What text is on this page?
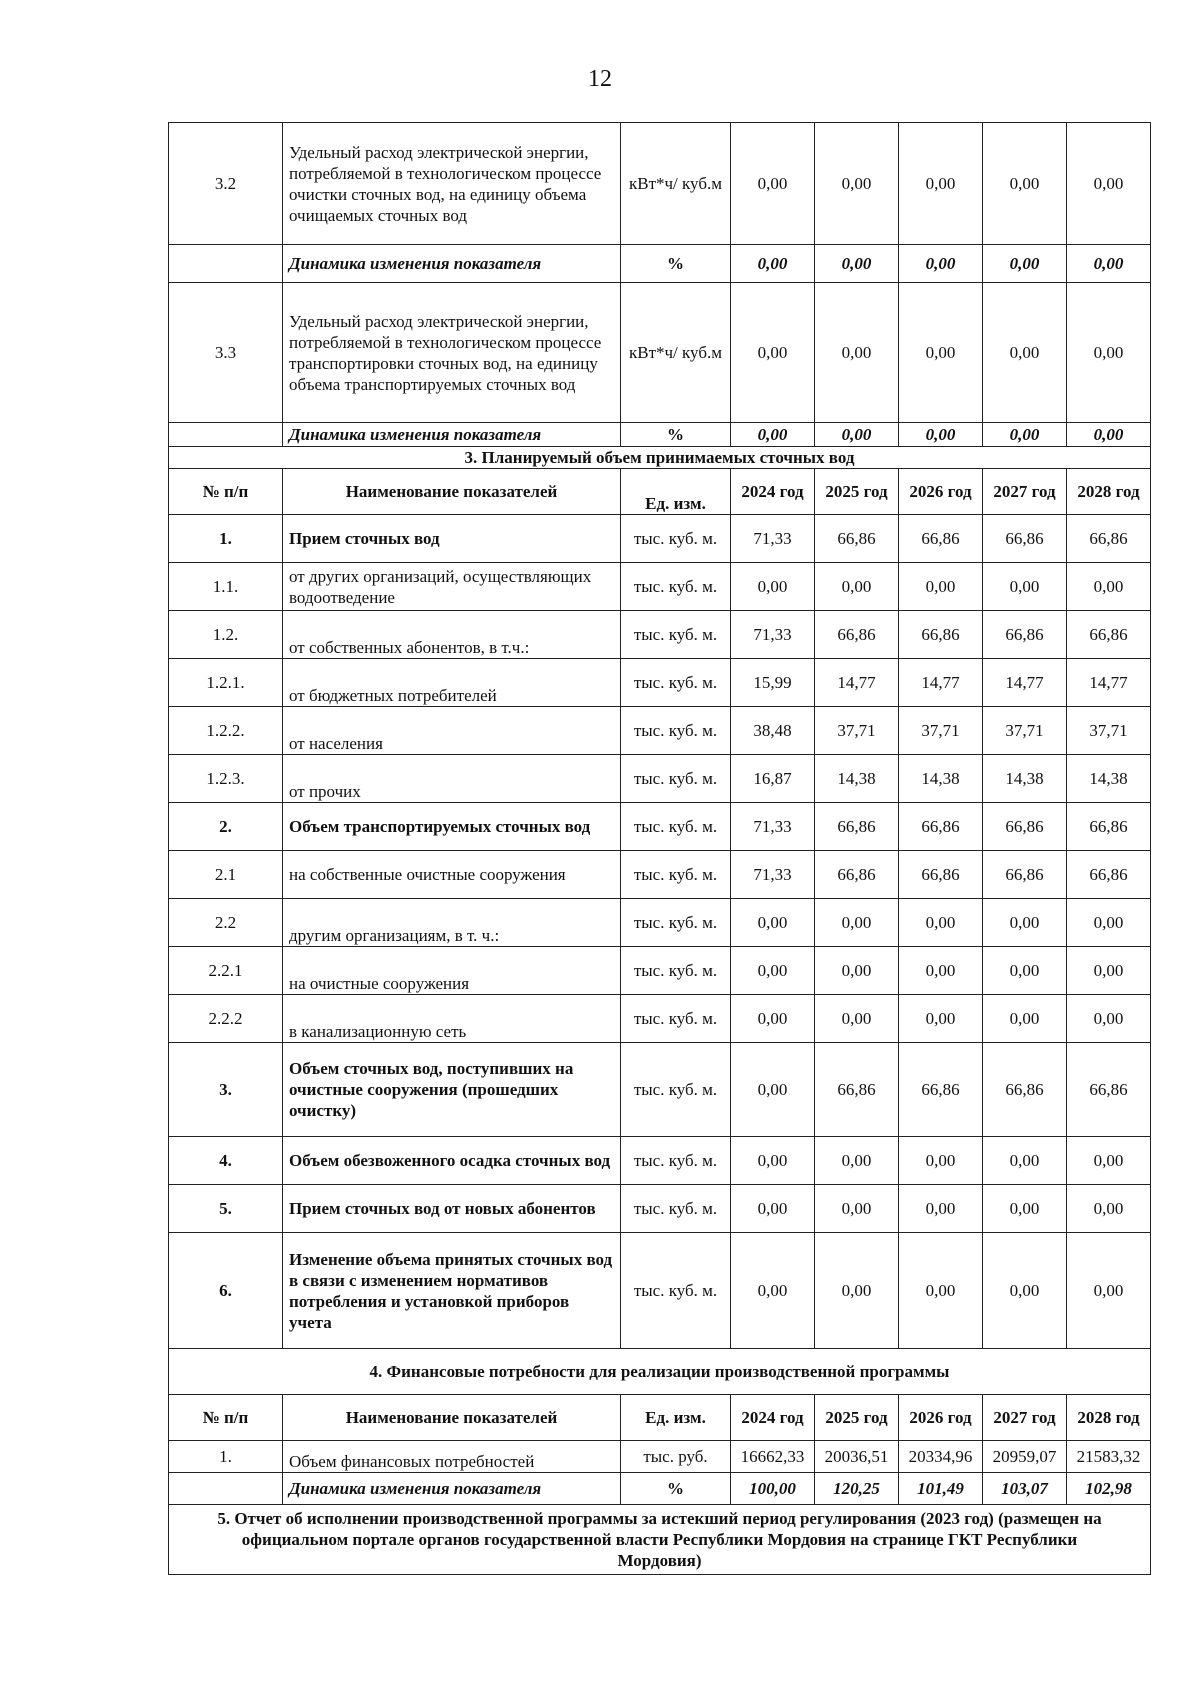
12
3.2	Удельный расход электрической энергии, потребляемой в технологическом процессе очистки сточных вод, на единицу объема очищаемых сточных вод	кВт*ч/ куб.м	0,00	0,00	0,00	0,00	0,00
	Динамика изменения показателя	%	0,00	0,00	0,00	0,00	0,00
3.3	Удельный расход электрической энергии, потребляемой в технологическом процессе транспортировки сточных вод, на единицу объема транспортируемых сточных вод	кВт*ч/ куб.м	0,00	0,00	0,00	0,00	0,00
	Динамика изменения показателя	%	0,00	0,00	0,00	0,00	0,00
3. Планируемый объем принимаемых сточных вод							
№ п/п	Наименование показателей	Ед. изм.	2024 год	2025 год	2026 год	2027 год	2028 год
1.	Прием сточных вод	тыс. куб. м.	71,33	66,86	66,86	66,86	66,86
1.1.	от других организаций, осуществляющих водоотведение	тыс. куб. м.	0,00	0,00	0,00	0,00	0,00
1.2.	от собственных абонентов, в т.ч.:	тыс. куб. м.	71,33	66,86	66,86	66,86	66,86
1.2.1.	от бюджетных потребителей	тыс. куб. м.	15,99	14,77	14,77	14,77	14,77
1.2.2.	от населения	тыс. куб. м.	38,48	37,71	37,71	37,71	37,71
1.2.3.	от прочих	тыс. куб. м.	16,87	14,38	14,38	14,38	14,38
2.	Объем транспортируемых сточных вод	тыс. куб. м.	71,33	66,86	66,86	66,86	66,86
2.1	на собственные очистные сооружения	тыс. куб. м.	71,33	66,86	66,86	66,86	66,86
2.2	другим организациям, в т. ч.:	тыс. куб. м.	0,00	0,00	0,00	0,00	0,00
2.2.1	на очистные сооружения	тыс. куб. м.	0,00	0,00	0,00	0,00	0,00
2.2.2	в канализационную сеть	тыс. куб. м.	0,00	0,00	0,00	0,00	0,00
3.	Объем сточных вод, поступивших на очистные сооружения (прошедших очистку)	тыс. куб. м.	0,00	66,86	66,86	66,86	66,86
4.	Объем обезвоженного осадка сточных вод	тыс. куб. м.	0,00	0,00	0,00	0,00	0,00
5.	Прием сточных вод от новых абонентов	тыс. куб. м.	0,00	0,00	0,00	0,00	0,00
6.	Изменение объема принятых сточных вод в связи с изменением нормативов потребления и установкой приборов учета	тыс. куб. м.	0,00	0,00	0,00	0,00	0,00
4. Финансовые потребности для реализации производственной программы							
№ п/п	Наименование показателей	Ед. изм.	2024 год	2025 год	2026 год	2027 год	2028 год
1.	Объем финансовых потребностей	тыс. руб.	16662,33	20036,51	20334,96	20959,07	21583,32
	Динамика изменения показателя	%	100,00	120,25	101,49	103,07	102,98
5. Отчет об исполнении производственной программы за истекший период регулирования (2023 год) (размещен на официальном портале органов государственной власти Республики Мордовия на странице ГКТ Республики Мордовия)							
